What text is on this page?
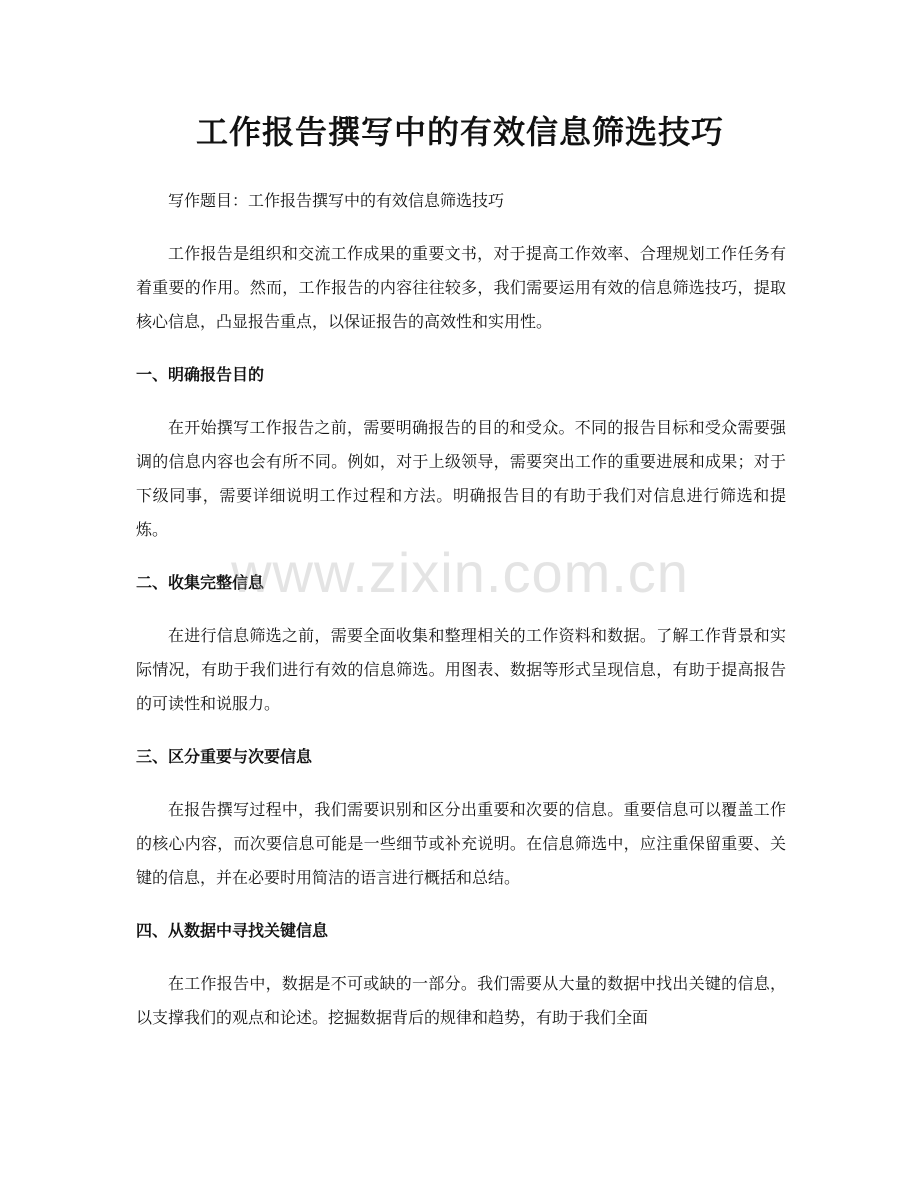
工作报告撰写中的有效信息筛选技巧

写作题目：工作报告撰写中的有效信息筛选技巧

工作报告是组织和交流工作成果的重要文书，对于提高工作效率、合理规划工作任务有着重要的作用。然而，工作报告的内容往往较多，我们需要运用有效的信息筛选技巧，提取核心信息，凸显报告重点，以保证报告的高效性和实用性。

一、明确报告目的

在开始撰写工作报告之前，需要明确报告的目的和受众。不同的报告目标和受众需要强调的信息内容也会有所不同。例如，对于上级领导，需要突出工作的重要进展和成果；对于下级同事，需要详细说明工作过程和方法。明确报告目的有助于我们对信息进行筛选和提炼。

二、收集完整信息

在进行信息筛选之前，需要全面收集和整理相关的工作资料和数据。了解工作背景和实际情况，有助于我们进行有效的信息筛选。用图表、数据等形式呈现信息，有助于提高报告的可读性和说服力。

三、区分重要与次要信息

在报告撰写过程中，我们需要识别和区分出重要和次要的信息。重要信息可以覆盖工作的核心内容，而次要信息可能是一些细节或补充说明。在信息筛选中，应注重保留重要、关键的信息，并在必要时用简洁的语言进行概括和总结。

四、从数据中寻找关键信息

在工作报告中，数据是不可或缺的一部分。我们需要从大量的数据中找出关键的信息，以支撑我们的观点和论述。挖掘数据背后的规律和趋势，有助于我们全面

www.zixin.com.cn
